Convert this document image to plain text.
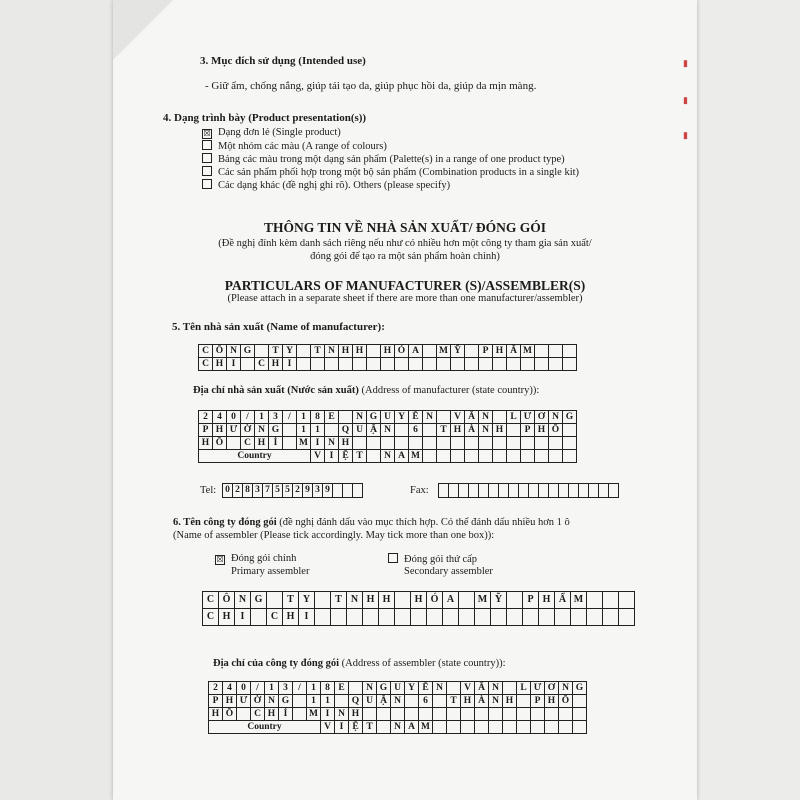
3. Mục đích sử dụng (Intended use)
- Giữ ẩm, chống nắng, giúp tái tạo da, giúp phục hồi da, giúp da mịn màng.
4. Dạng trình bày (Product presentation(s))
☒ Dạng đơn lẻ (Single product)
Một nhóm các màu (A range of colours)
Bảng các màu trong một dạng sản phẩm (Palette(s) in a range of one product type)
Các sản phẩm phối hợp trong một bộ sản phẩm (Combination products in a single kit)
Các dạng khác (đề nghị ghi rõ). Others (please specify)
THÔNG TIN VỀ NHÀ SẢN XUẤT/ ĐÓNG GÓI
(Đề nghị đính kèm danh sách riêng nếu như có nhiều hơn một công ty tham gia sản xuất/
đóng gói để tạo ra một sản phẩm hoàn chỉnh)
PARTICULARS OF MANUFACTURER (S)/ASSEMBLER(S)
(Please attach in a separate sheet if there are more than one manufacturer/assembler)
5. Tên nhà sản xuất (Name of manufacturer):
C	Ô	N	G		T	Y		T	N	H	H		H	Ó	A		M	Ỹ		P	H	Ẩ	M			
C	H	I		C	H	I																				
Địa chỉ nhà sản xuất (Nước sản xuất) (Address of manufacturer (state country)):
2	4	0	/	1	3	/	1	8	E		N	G	U	Y	Ễ	N		V	Ă	N		L	Ư	Ơ	N	G
P	H	Ư	Ờ	N	G		1	1		Q	U	Ậ	N		6		T	H	À	N	H		P	H	Ố	
H	Ồ		C	H	Í		M	I	N	H																
Country								V	I	Ệ	T		N	A	M											
Tel: 0	2	8	3	7	5	5	2	9	3	9				Fax:

6. Tên công ty đóng gói (đề nghị đánh dấu vào mục thích hợp. Có thể đánh dấu nhiều hơn 1 ô
(Name of assembler (Please tick accordingly. May tick more than one box)):
☒ Đóng gói chính
Primary assembler
Đóng gói thứ cấp
Secondary assembler
C	Ô	N	G		T	Y		T	N	H	H		H	Ó	A		M	Ỹ		P	H	Ẩ	M			
C	H	I		C	H	I																				
Địa chỉ của công ty đóng gói (Address of assembler (state country)):
2	4	0	/	1	3	/	1	8	E		N	G	U	Y	Ễ	N		V	Ă	N		L	Ư	Ơ	N	G
P	H	Ư	Ờ	N	G		1	1		Q	U	Ậ	N		6		T	H	À	N	H		P	H	Ố	
H	Ồ		C	H	Í		M	I	N	H																
Country								V	I	Ệ	T		N	A	M											
▮
▮
▮
